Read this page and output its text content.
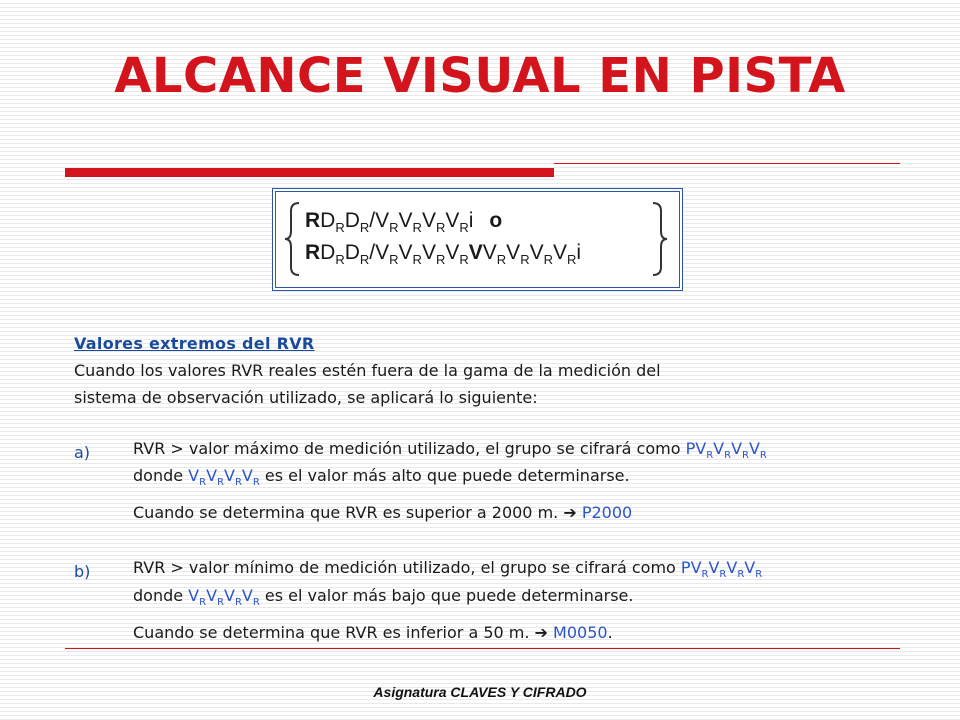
ALCANCE VISUAL EN PISTA
$RD_RD_R/V_RV_RV_RV_Ri$ o
$RD_RD_R/V_RV_RV_RV_RVV_RV_RV_RV_Ri$
Valores extremos del RVR

Cuando los valores RVR reales estén fuera de la gama de la medición del

sistema de observación utilizado, se aplicará lo siguiente:

a)	RVR > valor máximo de medición utilizado, el grupo se cifrará como $PV_RV_RV_RV_R$
donde $V_RV_RV_RV_R$ es el valor más alto que puede determinarse.
Cuando se determina que RVR es superior a 2000 m. ➔ P2000
b)	RVR > valor mínimo de medición utilizado, el grupo se cifrará como $PV_RV_RV_RV_R$
donde $V_RV_RV_RV_R$ es el valor más bajo que puede determinarse.
Cuando se determina que RVR es inferior a 50 m. ➔ M0050.
Asignatura CLAVES Y CIFRADO
